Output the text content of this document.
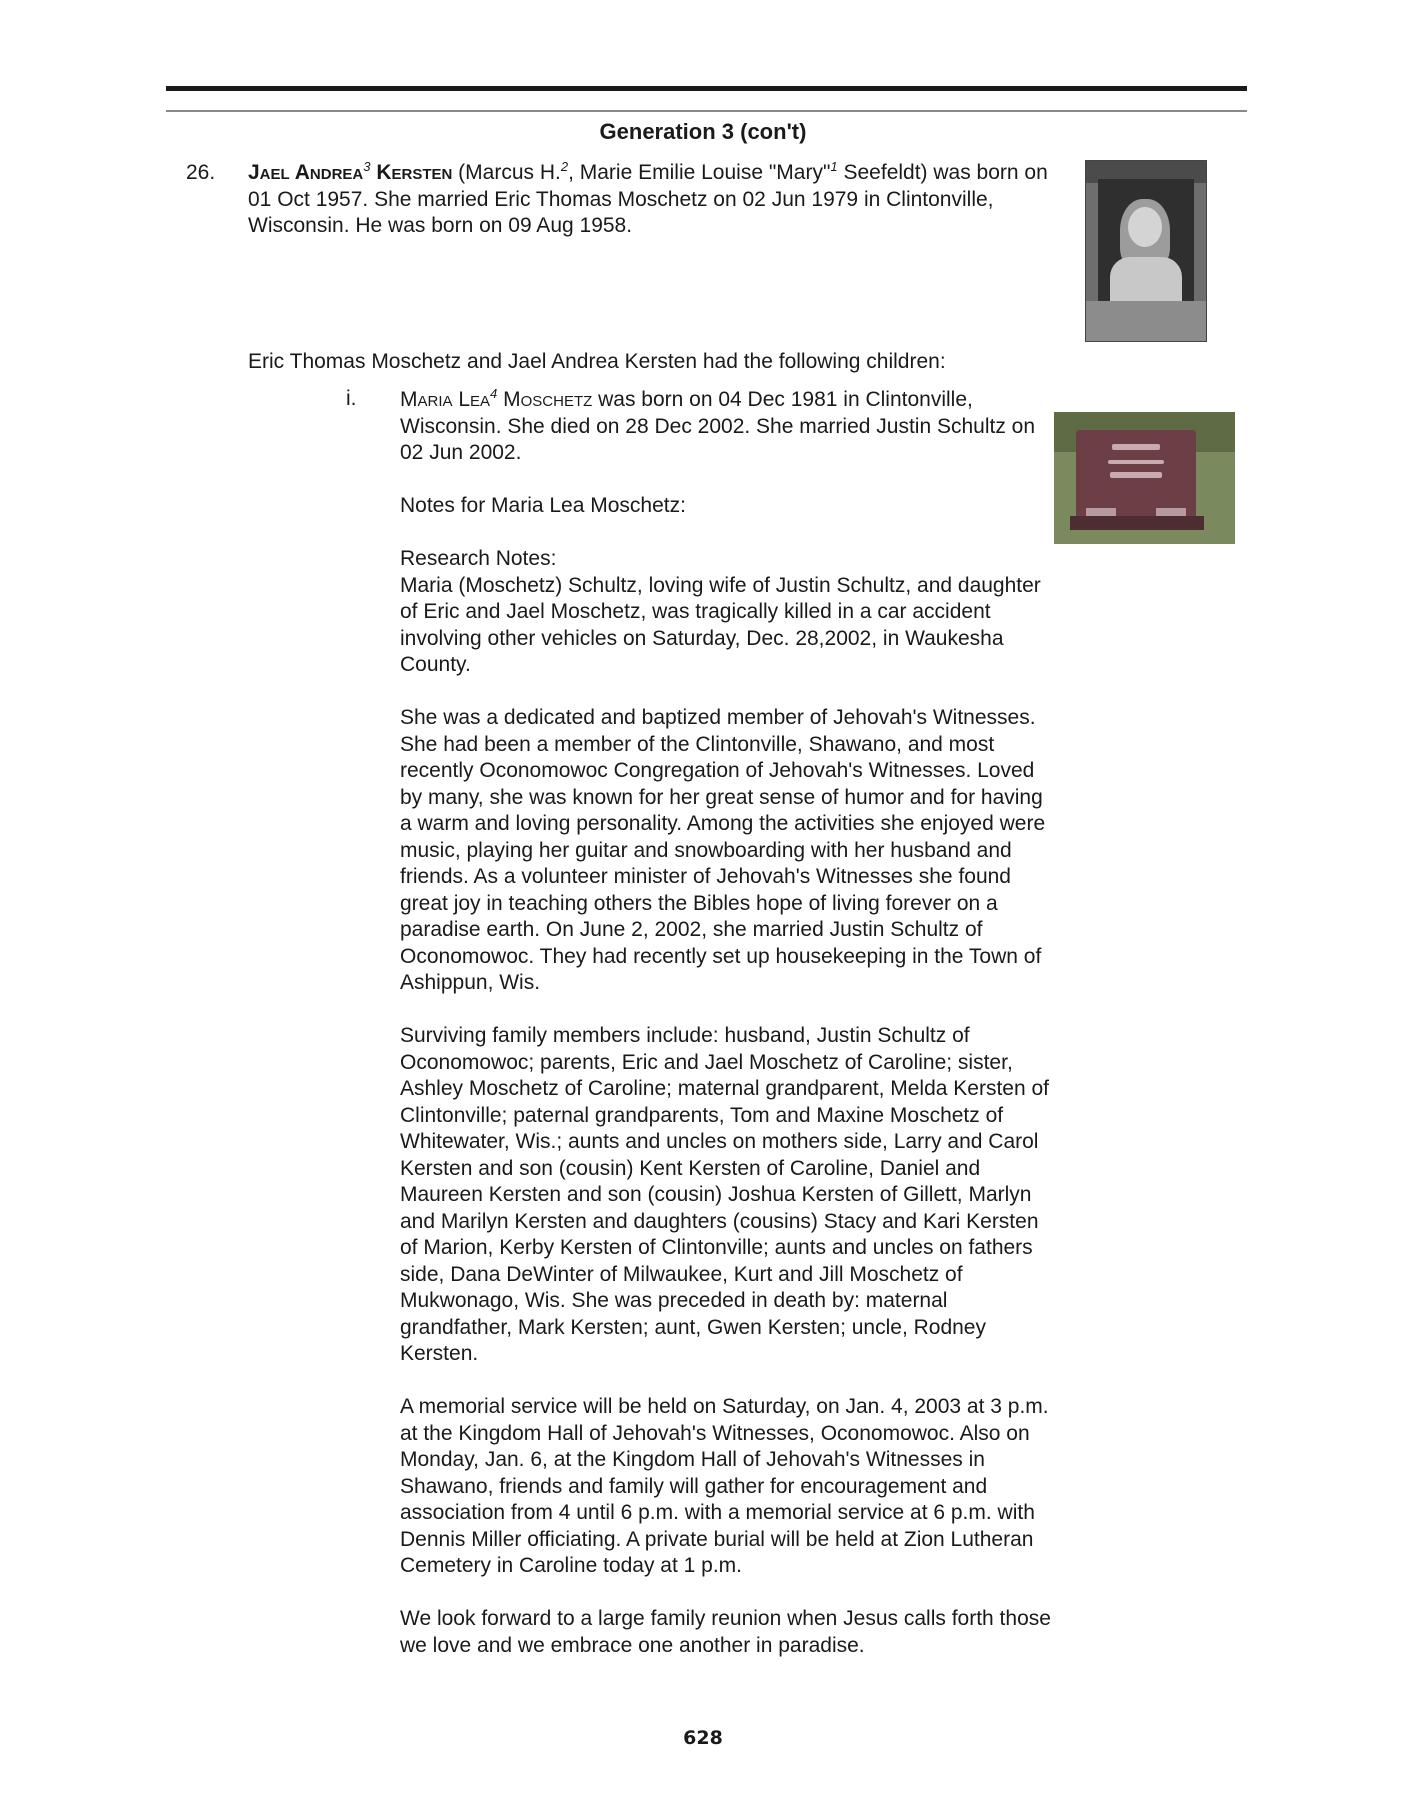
Generation 3 (con't)
26. Jael Andrea$^3$ Kersten (Marcus H.$^2$, Marie Emilie Louise "Mary"$^1$ Seefeldt) was born on 01 Oct 1957. She married Eric Thomas Moschetz on 02 Jun 1979 in Clintonville, Wisconsin. He was born on 09 Aug 1958.
Eric Thomas Moschetz and Jael Andrea Kersten had the following children:
i. Maria Lea$^4$ Moschetz was born on 04 Dec 1981 in Clintonville, Wisconsin. She died on 28 Dec 2002. She married Justin Schultz on 02 Jun 2002.

Notes for Maria Lea Moschetz:

Research Notes:

Maria (Moschetz) Schultz, loving wife of Justin Schultz, and daughter of Eric and Jael Moschetz, was tragically killed in a car accident involving other vehicles on Saturday, Dec. 28,2002, in Waukesha County.

She was a dedicated and baptized member of Jehovah's Witnesses. She had been a member of the Clintonville, Shawano, and most recently Oconomowoc Congregation of Jehovah's Witnesses. Loved by many, she was known for her great sense of humor and for having a warm and loving personality. Among the activities she enjoyed were music, playing her guitar and snowboarding with her husband and friends. As a volunteer minister of Jehovah's Witnesses she found great joy in teaching others the Bibles hope of living forever on a paradise earth. On June 2, 2002, she married Justin Schultz of Oconomowoc. They had recently set up housekeeping in the Town of Ashippun, Wis.

Surviving family members include: husband, Justin Schultz of Oconomowoc; parents, Eric and Jael Moschetz of Caroline; sister, Ashley Moschetz of Caroline; maternal grandparent, Melda Kersten of Clintonville; paternal grandparents, Tom and Maxine Moschetz of Whitewater, Wis.; aunts and uncles on mothers side, Larry and Carol Kersten and son (cousin) Kent Kersten of Caroline, Daniel and Maureen Kersten and son (cousin) Joshua Kersten of Gillett, Marlyn and Marilyn Kersten and daughters (cousins) Stacy and Kari Kersten of Marion, Kerby Kersten of Clintonville; aunts and uncles on fathers side, Dana DeWinter of Milwaukee, Kurt and Jill Moschetz of Mukwonago, Wis. She was preceded in death by: maternal grandfather, Mark Kersten; aunt, Gwen Kersten; uncle, Rodney Kersten.

A memorial service will be held on Saturday, on Jan. 4, 2003 at 3 p.m. at the Kingdom Hall of Jehovah's Witnesses, Oconomowoc. Also on Monday, Jan. 6, at the Kingdom Hall of Jehovah's Witnesses in Shawano, friends and family will gather for encouragement and association from 4 until 6 p.m. with a memorial service at 6 p.m. with Dennis Miller officiating. A private burial will be held at Zion Lutheran Cemetery in Caroline today at 1 p.m.

We look forward to a large family reunion when Jesus calls forth those we love and we embrace one another in paradise.

628
